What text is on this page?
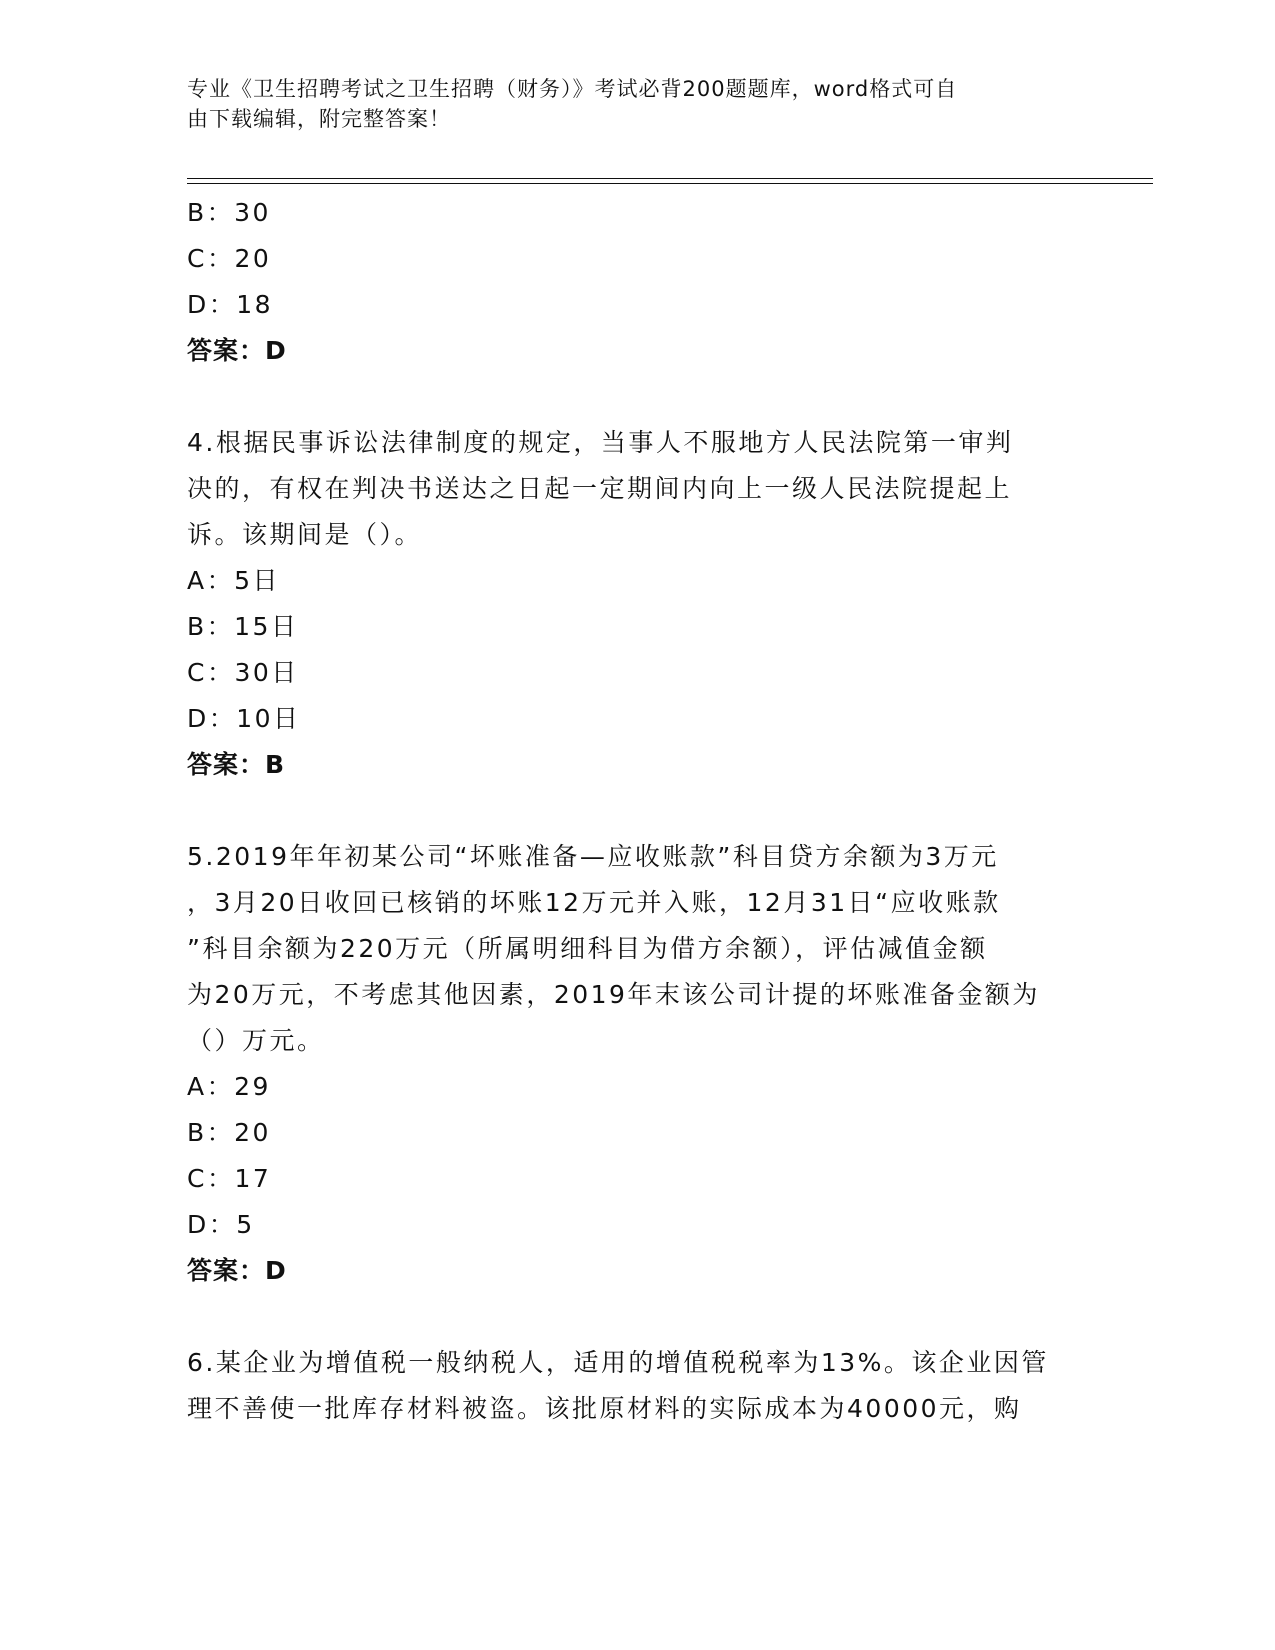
专业《卫生招聘考试之卫生招聘（财务）》考试必背200题题库，word格式可自
由下载编辑，附完整答案！
B：30
C：20
D：18
答案：D
4.根据民事诉讼法律制度的规定，当事人不服地方人民法院第一审判
决的，有权在判决书送达之日起一定期间内向上一级人民法院提起上
诉。该期间是（）。
A：5日
B：15日
C：30日
D：10日
答案：B
5.2019年年初某公司“坏账准备—应收账款”科目贷方余额为3万元
，3月20日收回已核销的坏账12万元并入账，12月31日“应收账款
”科目余额为220万元（所属明细科目为借方余额），评估减值金额
为20万元，不考虑其他因素，2019年末该公司计提的坏账准备金额为
（）万元。
A：29
B：20
C：17
D：5
答案：D
6.某企业为增值税一般纳税人，适用的增值税税率为13%。该企业因管
理不善使一批库存材料被盗。该批原材料的实际成本为40000元，购
